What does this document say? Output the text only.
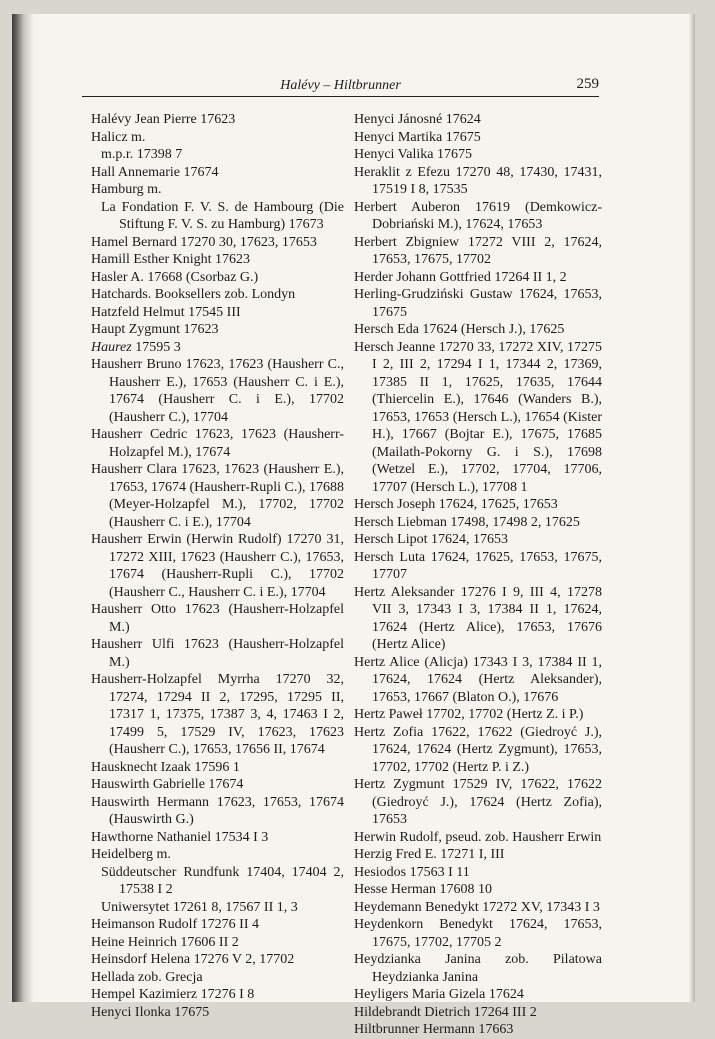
Halévy – Hiltbrunner	259

Halévy Jean Pierre 17623

Halicz m.

m.p.r. 17398 7

Hall Annemarie 17674

Hamburg m.

La Fondation F. V. S. de Hambourg (Die Stiftung F. V. S. zu Hamburg) 17673

Hamel Bernard 17270 30, 17623, 17653

Hamill Esther Knight 17623

Hasler A. 17668 (Csorbaz G.)

Hatchards. Booksellers zob. Londyn

Hatzfeld Helmut 17545 III

Haupt Zygmunt 17623

Haurez 17595 3

Hausherr Bruno 17623, 17623 (Hausherr C., Hausherr E.), 17653 (Hausherr C. i E.), 17674 (Hausherr C. i E.), 17702 (Hausherr C.), 17704

Hausherr Cedric 17623, 17623 (Hausherr-Holzapfel M.), 17674

Hausherr Clara 17623, 17623 (Hausherr E.), 17653, 17674 (Hausherr-Rupli C.), 17688 (Meyer-Holzapfel M.), 17702, 17702 (Hausherr C. i E.), 17704

Hausherr Erwin (Herwin Rudolf) 17270 31, 17272 XIII, 17623 (Hausherr C.), 17653, 17674 (Hausherr-Rupli C.), 17702 (Hausherr C., Hausherr C. i E.), 17704

Hausherr Otto 17623 (Hausherr-Holzapfel M.)

Hausherr Ulfi 17623 (Hausherr-Holzapfel M.)

Hausherr-Holzapfel Myrrha 17270 32, 17274, 17294 II 2, 17295, 17295 II, 17317 1, 17375, 17387 3, 4, 17463 I 2, 17499 5, 17529 IV, 17623, 17623 (Hausherr C.), 17653, 17656 II, 17674

Hausknecht Izaak 17596 1

Hauswirth Gabrielle 17674

Hauswirth Hermann 17623, 17653, 17674 (Hauswirth G.)

Hawthorne Nathaniel 17534 I 3

Heidelberg m.

Süddeutscher Rundfunk 17404, 17404 2, 17538 I 2

Uniwersytet 17261 8, 17567 II 1, 3

Heimanson Rudolf 17276 II 4

Heine Heinrich 17606 II 2

Heinsdorf Helena 17276 V 2, 17702

Hellada zob. Grecja

Hempel Kazimierz 17276 I 8

Henyci Ilonka 17675

Henyci Jánosné 17624

Henyci Martika 17675

Henyci Valika 17675

Heraklit z Efezu 17270 48, 17430, 17431, 17519 I 8, 17535

Herbert Auberon 17619 (Demkowicz-Dobriański M.), 17624, 17653

Herbert Zbigniew 17272 VIII 2, 17624, 17653, 17675, 17702

Herder Johann Gottfried 17264 II 1, 2

Herling-Grudziński Gustaw 17624, 17653, 17675

Hersch Eda 17624 (Hersch J.), 17625

Hersch Jeanne 17270 33, 17272 XIV, 17275 I 2, III 2, 17294 I 1, 17344 2, 17369, 17385 II 1, 17625, 17635, 17644 (Thiercelin E.), 17646 (Wanders B.), 17653, 17653 (Hersch L.), 17654 (Kister H.), 17667 (Bojtar E.), 17675, 17685 (Mailath-Pokorny G. i S.), 17698 (Wetzel E.), 17702, 17704, 17706, 17707 (Hersch L.), 17708 1

Hersch Joseph 17624, 17625, 17653

Hersch Liebman 17498, 17498 2, 17625

Hersch Lipot 17624, 17653

Hersch Luta 17624, 17625, 17653, 17675, 17707

Hertz Aleksander 17276 I 9, III 4, 17278 VII 3, 17343 I 3, 17384 II 1, 17624, 17624 (Hertz Alice), 17653, 17676 (Hertz Alice)

Hertz Alice (Alicja) 17343 I 3, 17384 II 1, 17624, 17624 (Hertz Aleksander), 17653, 17667 (Blaton O.), 17676

Hertz Paweł 17702, 17702 (Hertz Z. i P.)

Hertz Zofia 17622, 17622 (Giedroyć J.), 17624, 17624 (Hertz Zygmunt), 17653, 17702, 17702 (Hertz P. i Z.)

Hertz Zygmunt 17529 IV, 17622, 17622 (Giedroyć J.), 17624 (Hertz Zofia), 17653

Herwin Rudolf, pseud. zob. Hausherr Erwin

Herzig Fred E. 17271 I, III

Hesiodos 17563 I 11

Hesse Herman 17608 10

Heydemann Benedykt 17272 XV, 17343 I 3

Heydenkorn Benedykt 17624, 17653, 17675, 17702, 17705 2

Heydzianka Janina zob. Pilatowa Heydzianka Janina

Heyligers Maria Gizela 17624

Hildebrandt Dietrich 17264 III 2

Hiltbrunner Hermann 17663
